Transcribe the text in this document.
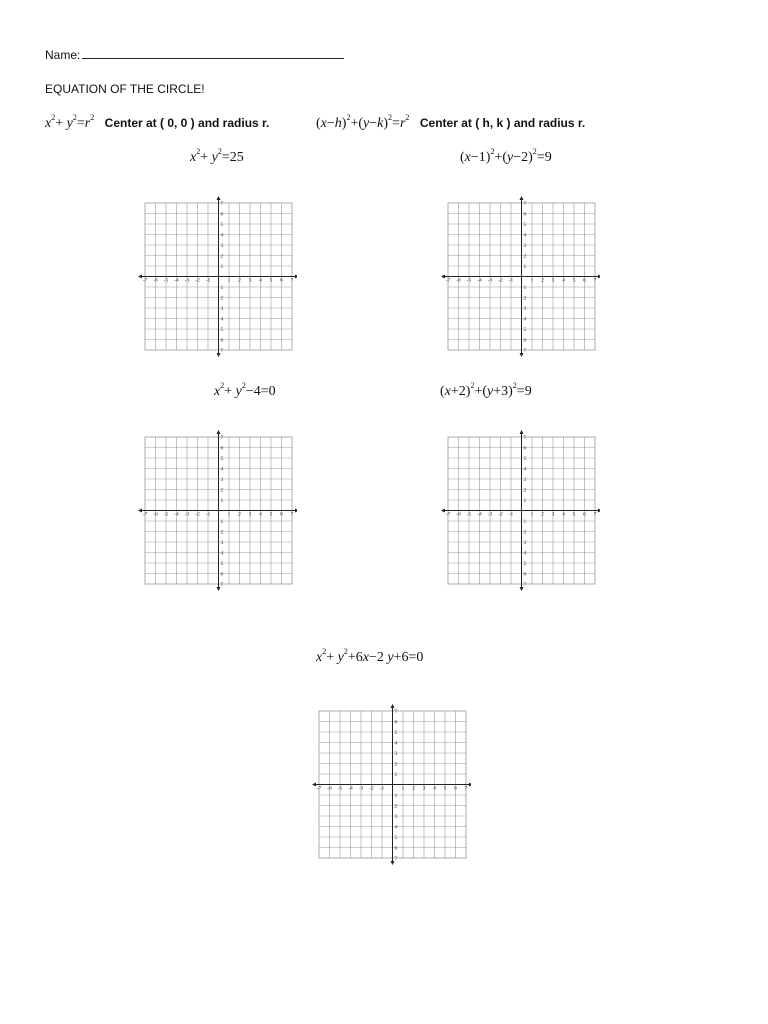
Name:
EQUATION OF THE CIRCLE!
$x^2+ y^2=r^2$ Center at ( 0, 0 ) and radius r.	$(x-h)^2+(y-k)^2=r^2$ Center at ( h, k ) and radius r.
$x^2+ y^2=25$	$(x-1)^2+(y-2)^2=9$
$x^2+ y^2-4=0$	$(x+2)^2+(y+3)^2=9$
$x^2+ y^2+6x-2$ y+6=0
-7 -6 -5 -4 -3 -2 -1	1 2 3 4 5 6 7
7
6
5
4
3
2
1
1
2
3
4
5
6
7
-7 -6 -5 -4 -3 -2 -1	1 2 3 4 5 6 7
7
6
5
4
3
2
1
1
2
3
4
5
6
7
-7 -6 -5 -4 -3 -2 -1	1 2 3 4 5 6 7
7
6
5
4
3
2
1
1
2
3
4
5
6
7
-7 -6 -5 -4 -3 -2 -1	1 2 3 4 5 6 7
7
6
5
4
3
2
1
1
2
3
4
5
6
7
-7 -6 -5 -4 -3 -2 -1	1 2 3 4 5 6 7
7
6
5
4
3
2
1
1
2
3
4
5
6
7
